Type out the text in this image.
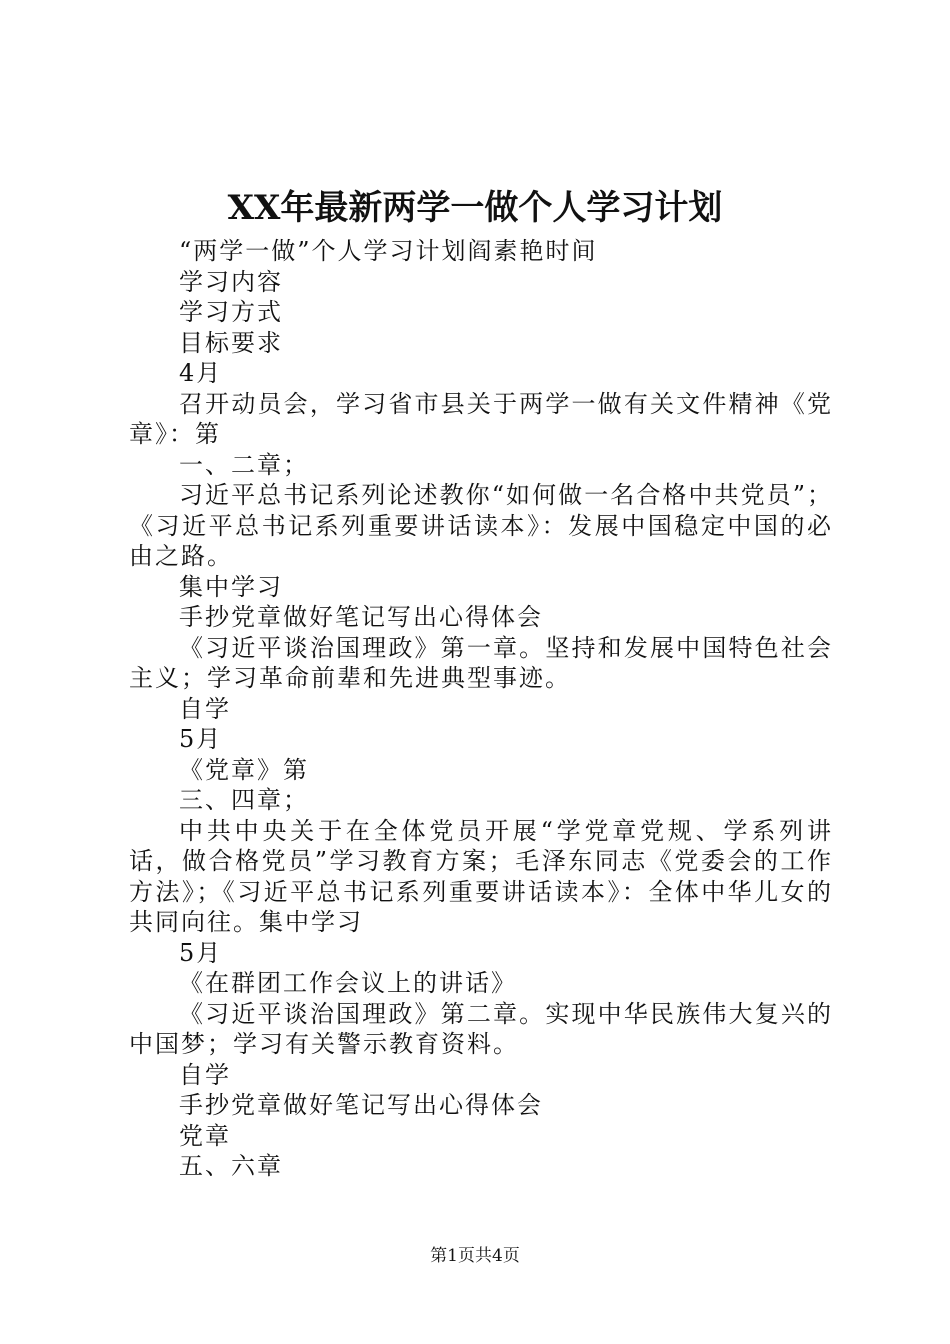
XX年最新两学一做个人学习计划

“两学一做”个人学习计划阎素艳时间

学习内容

学习方式

目标要求

4月

召开动员会，学习省市县关于两学一做有关文件精神《党章》：第

一、二章；

习近平总书记系列论述教你“如何做一名合格中共党员”；《习近平总书记系列重要讲话读本》：发展中国稳定中国的必由之路。

集中学习

手抄党章做好笔记写出心得体会

《习近平谈治国理政》第一章。坚持和发展中国特色社会主义；学习革命前辈和先进典型事迹。

自学

5月

《党章》第

三、四章；

中共中央关于在全体党员开展“学党章党规、学系列讲话，做合格党员”学习教育方案；毛泽东同志《党委会的工作方法》；《习近平总书记系列重要讲话读本》：全体中华儿女的共同向往。集中学习

5月

《在群团工作会议上的讲话》

《习近平谈治国理政》第二章。实现中华民族伟大复兴的中国梦；学习有关警示教育资料。

自学

手抄党章做好笔记写出心得体会

党章

五、六章

第1页共4页
